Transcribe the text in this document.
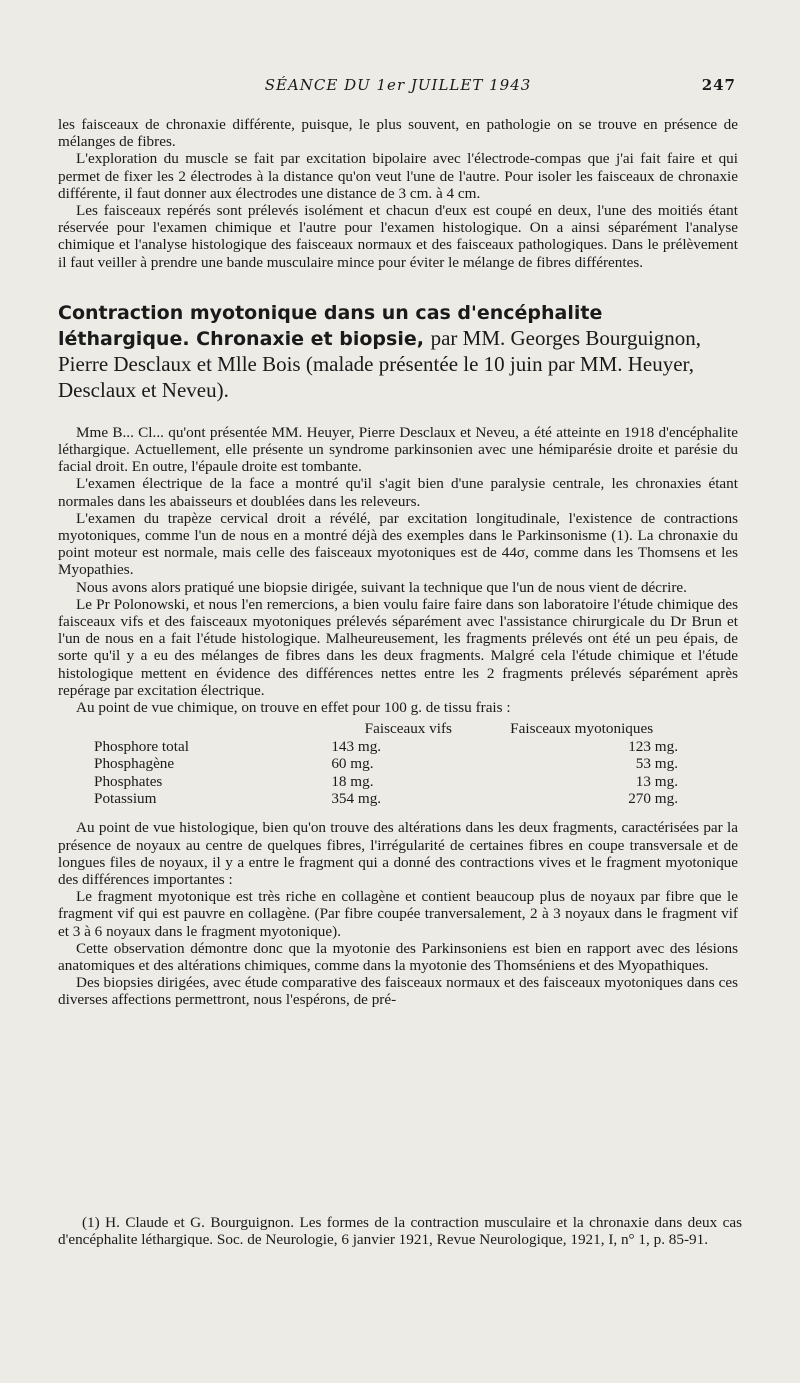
SÉANCE DU 1er JUILLET 1943	247

les faisceaux de chronaxie différente, puisque, le plus souvent, en pathologie on se trouve en présence de mélanges de fibres.

L'exploration du muscle se fait par excitation bipolaire avec l'électrode-compas que j'ai fait faire et qui permet de fixer les 2 électrodes à la distance qu'on veut l'une de l'autre. Pour isoler les faisceaux de chronaxie différente, il faut donner aux électrodes une distance de 3 cm. à 4 cm.

Les faisceaux repérés sont prélevés isolément et chacun d'eux est coupé en deux, l'une des moitiés étant réservée pour l'examen chimique et l'autre pour l'examen histologique. On a ainsi séparément l'analyse chimique et l'analyse histologique des faisceaux normaux et des faisceaux pathologiques. Dans le prélèvement il faut veiller à prendre une bande musculaire mince pour éviter le mélange de fibres différentes.

Contraction myotonique dans un cas d'encéphalite léthargique. Chronaxie et biopsie, par MM. Georges Bourguignon, Pierre Desclaux et Mlle Bois (malade présentée le 10 juin par MM. Heuyer, Desclaux et Neveu).

Mme B... Cl... qu'ont présentée MM. Heuyer, Pierre Desclaux et Neveu, a été atteinte en 1918 d'encéphalite léthargique. Actuellement, elle présente un syndrome parkinsonien avec une hémiparésie droite et parésie du facial droit. En outre, l'épaule droite est tombante.

L'examen électrique de la face a montré qu'il s'agit bien d'une paralysie centrale, les chronaxies étant normales dans les abaisseurs et doublées dans les releveurs.

L'examen du trapèze cervical droit a révélé, par excitation longitudinale, l'existence de contractions myotoniques, comme l'un de nous en a montré déjà des exemples dans le Parkinsonisme (1). La chronaxie du point moteur est normale, mais celle des faisceaux myotoniques est de 44σ, comme dans les Thomsens et les Myopathies.

Nous avons alors pratiqué une biopsie dirigée, suivant la technique que l'un de nous vient de décrire.

Le Pr Polonowski, et nous l'en remercions, a bien voulu faire faire dans son laboratoire l'étude chimique des faisceaux vifs et des faisceaux myotoniques prélevés séparément avec l'assistance chirurgicale du Dr Brun et l'un de nous en a fait l'étude histologique. Malheureusement, les fragments prélevés ont été un peu épais, de sorte qu'il y a eu des mélanges de fibres dans les deux fragments. Malgré cela l'étude chimique et l'étude histologique mettent en évidence des différences nettes entre les 2 fragments prélevés séparément après repérage par excitation électrique.

Au point de vue chimique, on trouve en effet pour 100 g. de tissu frais :

	Faisceaux vifs	Faisceaux myotoniques
Phosphore total	143 mg.	123 mg.
Phosphagène	60 mg.	53 mg.
Phosphates	18 mg.	13 mg.
Potassium	354 mg.	270 mg.

Au point de vue histologique, bien qu'on trouve des altérations dans les deux fragments, caractérisées par la présence de noyaux au centre de quelques fibres, l'irrégularité de certaines fibres en coupe transversale et de longues files de noyaux, il y a entre le fragment qui a donné des contractions vives et le fragment myotonique des différences importantes :

Le fragment myotonique est très riche en collagène et contient beaucoup plus de noyaux par fibre que le fragment vif qui est pauvre en collagène. (Par fibre coupée tranversalement, 2 à 3 noyaux dans le fragment vif et 3 à 6 noyaux dans le fragment myotonique).

Cette observation démontre donc que la myotonie des Parkinsoniens est bien en rapport avec des lésions anatomiques et des altérations chimiques, comme dans la myotonie des Thomséniens et des Myopathiques.

Des biopsies dirigées, avec étude comparative des faisceaux normaux et des faisceaux myotoniques dans ces diverses affections permettront, nous l'espérons, de pré-

(1) H. Claude et G. Bourguignon. Les formes de la contraction musculaire et la chronaxie dans deux cas d'encéphalite léthargique. Soc. de Neurologie, 6 janvier 1921, Revue Neurologique, 1921, I, n° 1, p. 85-91.
